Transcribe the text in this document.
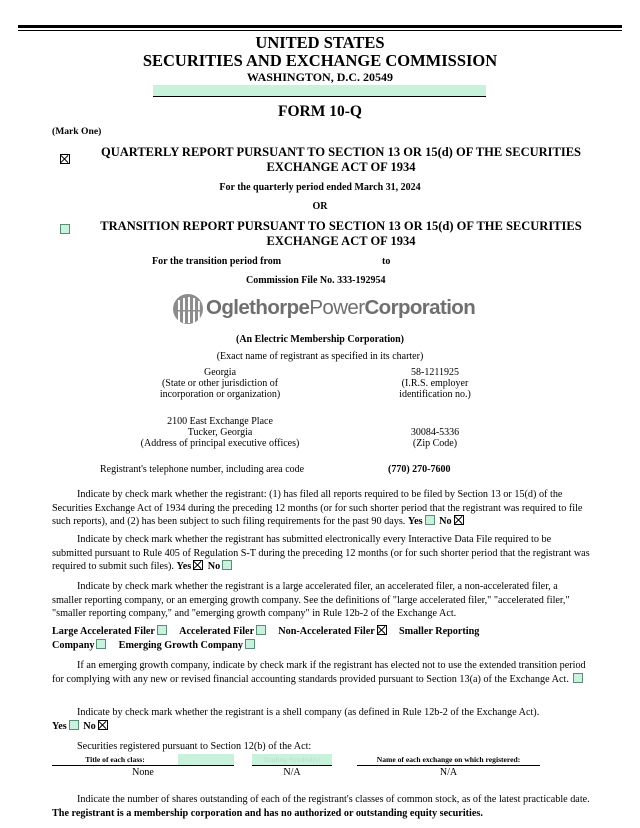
UNITED STATES
SECURITIES AND EXCHANGE COMMISSION
WASHINGTON, D.C. 20549
FORM 10-Q
(Mark One)
QUARTERLY REPORT PURSUANT TO SECTION 13 OR 15(d) OF THE SECURITIES
EXCHANGE ACT OF 1934
For the quarterly period ended March 31, 2024
OR
TRANSITION REPORT PURSUANT TO SECTION 13 OR 15(d) OF THE SECURITIES
EXCHANGE ACT OF 1934
For the transition period from	to
Commission File No. 333-192954
OglethorpePowerCorporation
(An Electric Membership Corporation)
(Exact name of registrant as specified in its charter)
Georgia
(State or other jurisdiction of
incorporation or organization)
58-1211925
(I.R.S. employer
identification no.)
2100 East Exchange Place
Tucker, Georgia
(Address of principal executive offices)
30084-5336
(Zip Code)
Registrant's telephone number, including area code	(770) 270-7600
Indicate by check mark whether the registrant: (1) has filed all reports required to be filed by Section 13 or 15(d) of the Securities Exchange Act of 1934 during the preceding 12 months (or for such shorter period that the registrant was required to file such reports), and (2) has been subject to such filing requirements for the past 90 days. Yes No
Indicate by check mark whether the registrant has submitted electronically every Interactive Data File required to be submitted pursuant to Rule 405 of Regulation S-T during the preceding 12 months (or for such shorter period that the registrant was required to submit such files). Yes No
Indicate by check mark whether the registrant is a large accelerated filer, an accelerated filer, a non-accelerated filer, a smaller reporting company, or an emerging growth company. See the definitions of "large accelerated filer," "accelerated filer," "smaller reporting company," and "emerging growth company" in Rule 12b-2 of the Exchange Act.
Large Accelerated Filer Accelerated Filer Non-Accelerated Filer Smaller Reporting
Company Emerging Growth Company
If an emerging growth company, indicate by check mark if the registrant has elected not to use the extended transition period for complying with any new or revised financial accounting standards provided pursuant to Section 13(a) of the Exchange Act.
Indicate by check mark whether the registrant is a shell company (as defined in Rule 12b-2 of the Exchange Act). Yes No
Securities registered pursuant to Section 12(b) of the Act:
Title of each class:	Trading Symbol(s)	Name of each exchange on which registered:
None	N/A	N/A
Indicate the number of shares outstanding of each of the registrant's classes of common stock, as of the latest practicable date. The registrant is a membership corporation and has no authorized or outstanding equity securities.
